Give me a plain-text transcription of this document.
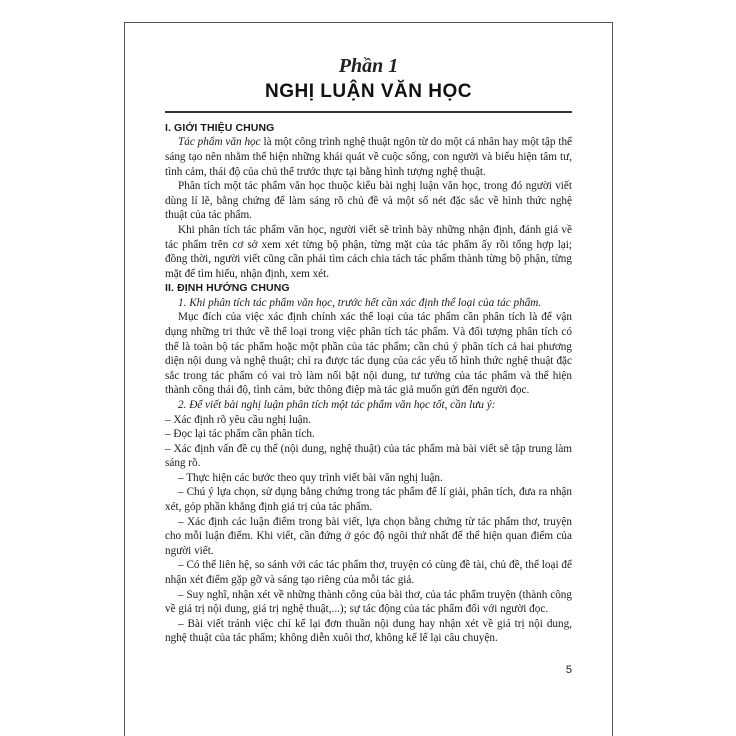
Phần 1
NGHỊ LUẬN VĂN HỌC
I. GIỚI THIỆU CHUNG

Tác phẩm văn học là một công trình nghệ thuật ngôn từ do một cá nhân hay một tập thể sáng tạo nên nhằm thể hiện những khái quát về cuộc sống, con người và biểu hiện tâm tư, tình cảm, thái độ của chủ thể trước thực tại bằng hình tượng nghệ thuật.

Phân tích một tác phẩm văn học thuộc kiểu bài nghị luận văn học, trong đó người viết dùng lí lẽ, bằng chứng để làm sáng rõ chủ đề và một số nét đặc sắc về hình thức nghệ thuật của tác phẩm.

Khi phân tích tác phẩm văn học, người viết sẽ trình bày những nhận định, đánh giá về tác phẩm trên cơ sở xem xét từng bộ phận, từng mặt của tác phẩm ấy rồi tổng hợp lại; đồng thời, người viết cũng cần phải tìm cách chia tách tác phẩm thành từng bộ phận, từng mặt để tìm hiểu, nhận định, xem xét.

II. ĐỊNH HƯỚNG CHUNG

1. Khi phân tích tác phẩm văn học, trước hết cần xác định thể loại của tác phẩm.

Mục đích của việc xác định chính xác thể loại của tác phẩm cần phân tích là để vận dụng những tri thức về thể loại trong việc phân tích tác phẩm. Và đối tượng phân tích có thể là toàn bộ tác phẩm hoặc một phần của tác phẩm; cần chú ý phân tích cả hai phương diện nội dung và nghệ thuật; chỉ ra được tác dụng của các yếu tố hình thức nghệ thuật đặc sắc trong tác phẩm có vai trò làm nổi bật nội dung, tư tưởng của tác phẩm và thể hiện thành công thái độ, tình cảm, bức thông điệp mà tác giả muốn gửi đến người đọc.

2. Để viết bài nghị luận phân tích một tác phẩm văn học tốt, cần lưu ý:

– Xác định rõ yêu cầu nghị luận.

– Đọc lại tác phẩm cần phân tích.

– Xác định vấn đề cụ thể (nội dung, nghệ thuật) của tác phẩm mà bài viết sẽ tập trung làm sáng rõ.

– Thực hiện các bước theo quy trình viết bài văn nghị luận.

– Chú ý lựa chọn, sử dụng bằng chứng trong tác phẩm để lí giải, phân tích, đưa ra nhận xét, góp phần khẳng định giá trị của tác phẩm.

– Xác định các luận điểm trong bài viết, lựa chọn bằng chứng từ tác phẩm thơ, truyện cho mỗi luận điểm. Khi viết, cần đứng ở góc độ ngôi thứ nhất để thể hiện quan điểm của người viết.

– Có thể liên hệ, so sánh với các tác phẩm thơ, truyện có cùng đề tài, chủ đề, thể loại để nhận xét điểm gặp gỡ và sáng tạo riêng của mỗi tác giả.

– Suy nghĩ, nhận xét về những thành công của bài thơ, của tác phẩm truyện (thành công về giá trị nội dung, giá trị nghệ thuật,...); sự tác động của tác phẩm đối với người đọc.

– Bài viết tránh việc chỉ kể lại đơn thuần nội dung hay nhận xét về giá trị nội dung, nghệ thuật của tác phẩm; không diễn xuôi thơ, không kể lể lại câu chuyện.

5
